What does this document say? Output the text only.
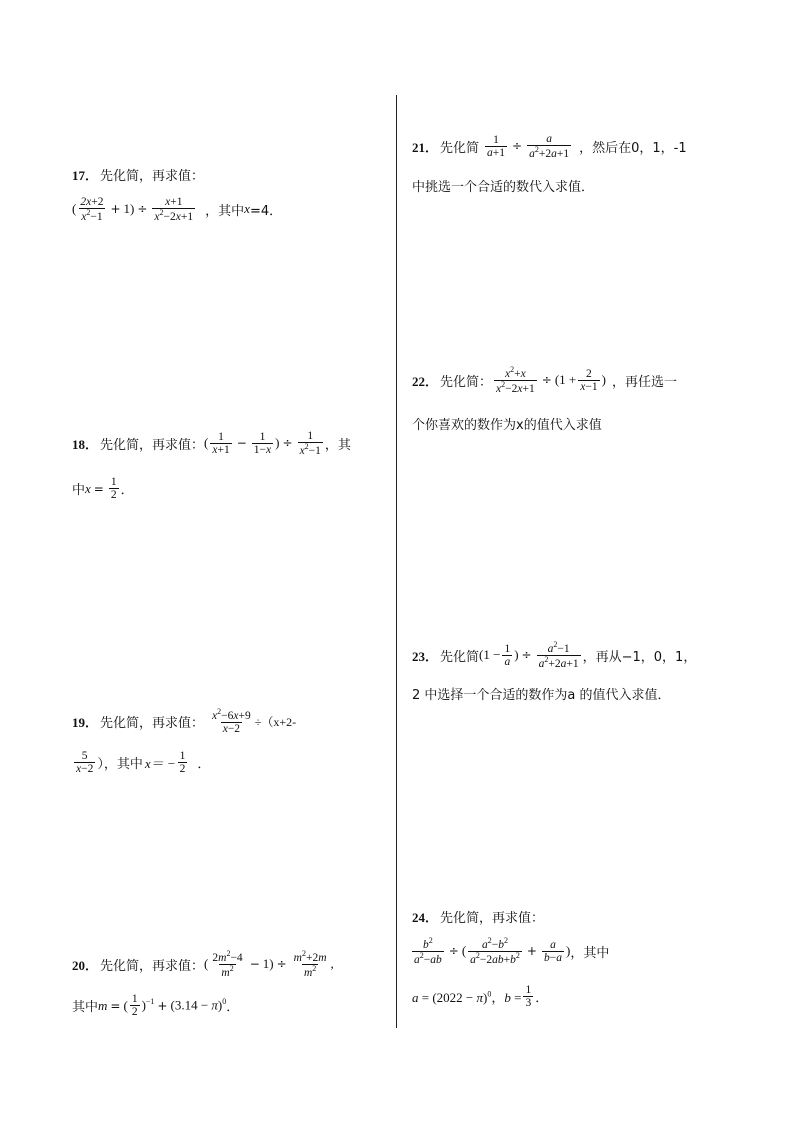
17． 先化简，再求值：
( $\frac{2x+2}{x^2-1} + 1) \div \frac{x+1}{x^2-2x+1}$ ，其中 x =4．
18． 先化简，再求值： ( $\frac{1}{x+1} - \frac{1}{1-x}$ ) ÷ $\frac{1}{x^2-1}$ ，其
中 $x = \frac{1}{2}$ ．
19． 先化简，再求值： $\frac{x^2-6x+9}{x-2} \div(x+2-$
$\frac{5}{x-2}$ ），其中 $x= - \frac{1}{2}$ ．
20． 先化简，再求值： ( $\frac{2m^2-4}{m^2} - 1) \div \frac{m^2+2m}{m^2}$ ,
其中 m = ( $\frac{1}{2} )^{-1} + (3.14 - \pi)^0$ ．
21． 先化简 $\frac{1}{a+1} \div \frac{a}{a^2+2a+1}$ ，然后在0，1，-1
中挑选一个合适的数代入求值．
22． 先化简： $\frac{x^2+x}{x^2-2x+1} \div (1 + \frac{2}{x-1}$ ) ，再任选一
个你喜欢的数作为x的值代入求值
23． 先化简 ($1 - \frac{1}{a}$ ) ÷ $\frac{a^2-1}{a^2+2a+1}$ ，再从−1，0，1，
2 中选择一个合适的数作为a 的值代入求值．
24． 先化简，再求值：
$\frac{b^2}{a^2-ab}$ ÷ ( $\frac{a^2-b^2}{a^2-2ab+b^2} + \frac{a}{b-a}$ ) ，其中
$a = (2022 - \pi)^0$，$b = \frac{1}{3}$ ．
